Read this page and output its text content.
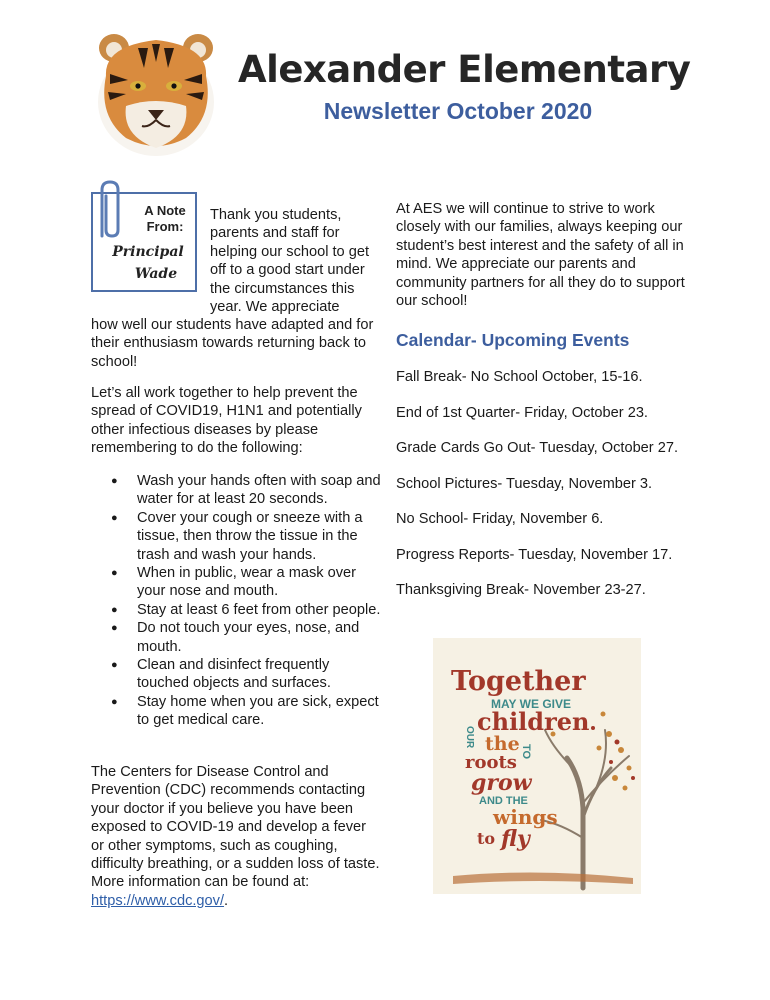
Alexander Elementary
Newsletter October 2020
A Note
From:
Principal
Wade
Thank you students, parents and staff for helping our school to get off to a good start under the circumstances this year. We appreciate
how well our students have adapted and for their enthusiasm towards returning back to school!
Let’s all work together to help prevent the spread of COVID19, H1N1 and potentially other infectious diseases by please remembering to do the following:
● Wash your hands often with soap and water for at least 20 seconds.
● Cover your cough or sneeze with a tissue, then throw the tissue in the trash and wash your hands.
● When in public, wear a mask over your nose and mouth.
● Stay at least 6 feet from other people.
● Do not touch your eyes, nose, and mouth.
● Clean and disinfect frequently touched objects and surfaces.
● Stay home when you are sick, expect to get medical care.
The Centers for Disease Control and Prevention (CDC) recommends contacting your doctor if you believe you have been exposed to COVID-19 and develop a fever or other symptoms, such as coughing, difficulty breathing, or a sudden loss of taste. More information can be found at: https://www.cdc.gov/.
At AES we will continue to strive to work closely with our families, always keeping our student’s best interest and the safety of all in mind. We appreciate our parents and community partners for all they do to support our school!
Calendar- Upcoming Events
Fall Break- No School October, 15-16.
End of 1st Quarter- Friday, October 23.
Grade Cards Go Out- Tuesday, October 27.
School Pictures- Tuesday, November 3.
No School- Friday, November 6.
Progress Reports- Tuesday, November 17.
Thanksgiving Break- November 23-27.
Together
MAY WE GIVE
OUR
children
the TO
roots
grow
AND THE
wings
to fly
